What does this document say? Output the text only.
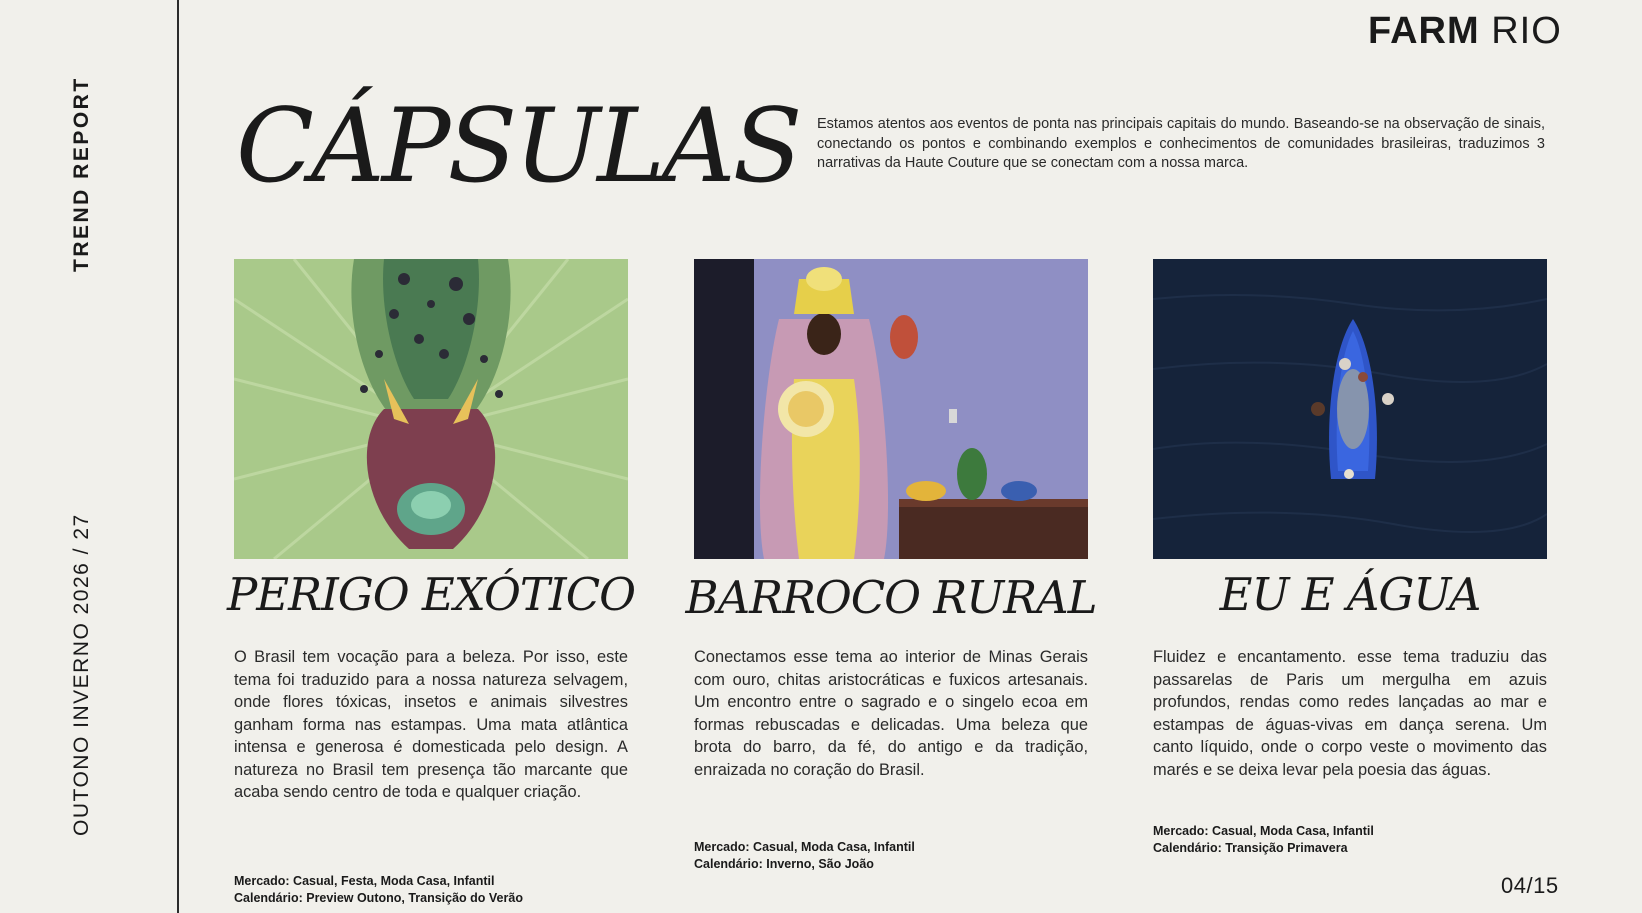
TREND REPORT
OUTONO INVERNO 2026 / 27
FARM RIO
CÁPSULAS Estamos atentos aos eventos de ponta nas principais capitais do mundo. Baseando-se na observação de sinais, conectando os pontos e combinando exemplos e conhecimentos de comunidades brasileiras, traduzimos 3 narrativas da Haute Couture que se conectam com a nossa marca.

PERIGO EXÓTICO

O Brasil tem vocação para a beleza. Por isso, este tema foi traduzido para a nossa natureza selvagem, onde flores tóxicas, insetos e animais silvestres ganham forma nas estampas. Uma mata atlântica intensa e generosa é domesticada pelo design. A natureza no Brasil tem presença tão marcante que acaba sendo centro de toda e qualquer criação.

Mercado: Casual, Festa, Moda Casa, Infantil
Calendário: Preview Outono, Transição do Verão
BARROCO RURAL

Conectamos esse tema ao interior de Minas Gerais com ouro, chitas aristocráticas e fuxicos artesanais. Um encontro entre o sagrado e o singelo ecoa em formas rebuscadas e delicadas. Uma beleza que brota do barro, da fé, do antigo e da tradição, enraizada no coração do Brasil.

Mercado: Casual, Moda Casa, Infantil
Calendário: Inverno, São João
EU E ÁGUA

Fluidez e encantamento. esse tema traduziu das passarelas de Paris um mergulha em azuis profundos, rendas como redes lançadas ao mar e estampas de águas-vivas em dança serena. Um canto líquido, onde o corpo veste o movimento das marés e se deixa levar pela poesia das águas.

Mercado: Casual, Moda Casa, Infantil
Calendário: Transição Primavera
04/15
